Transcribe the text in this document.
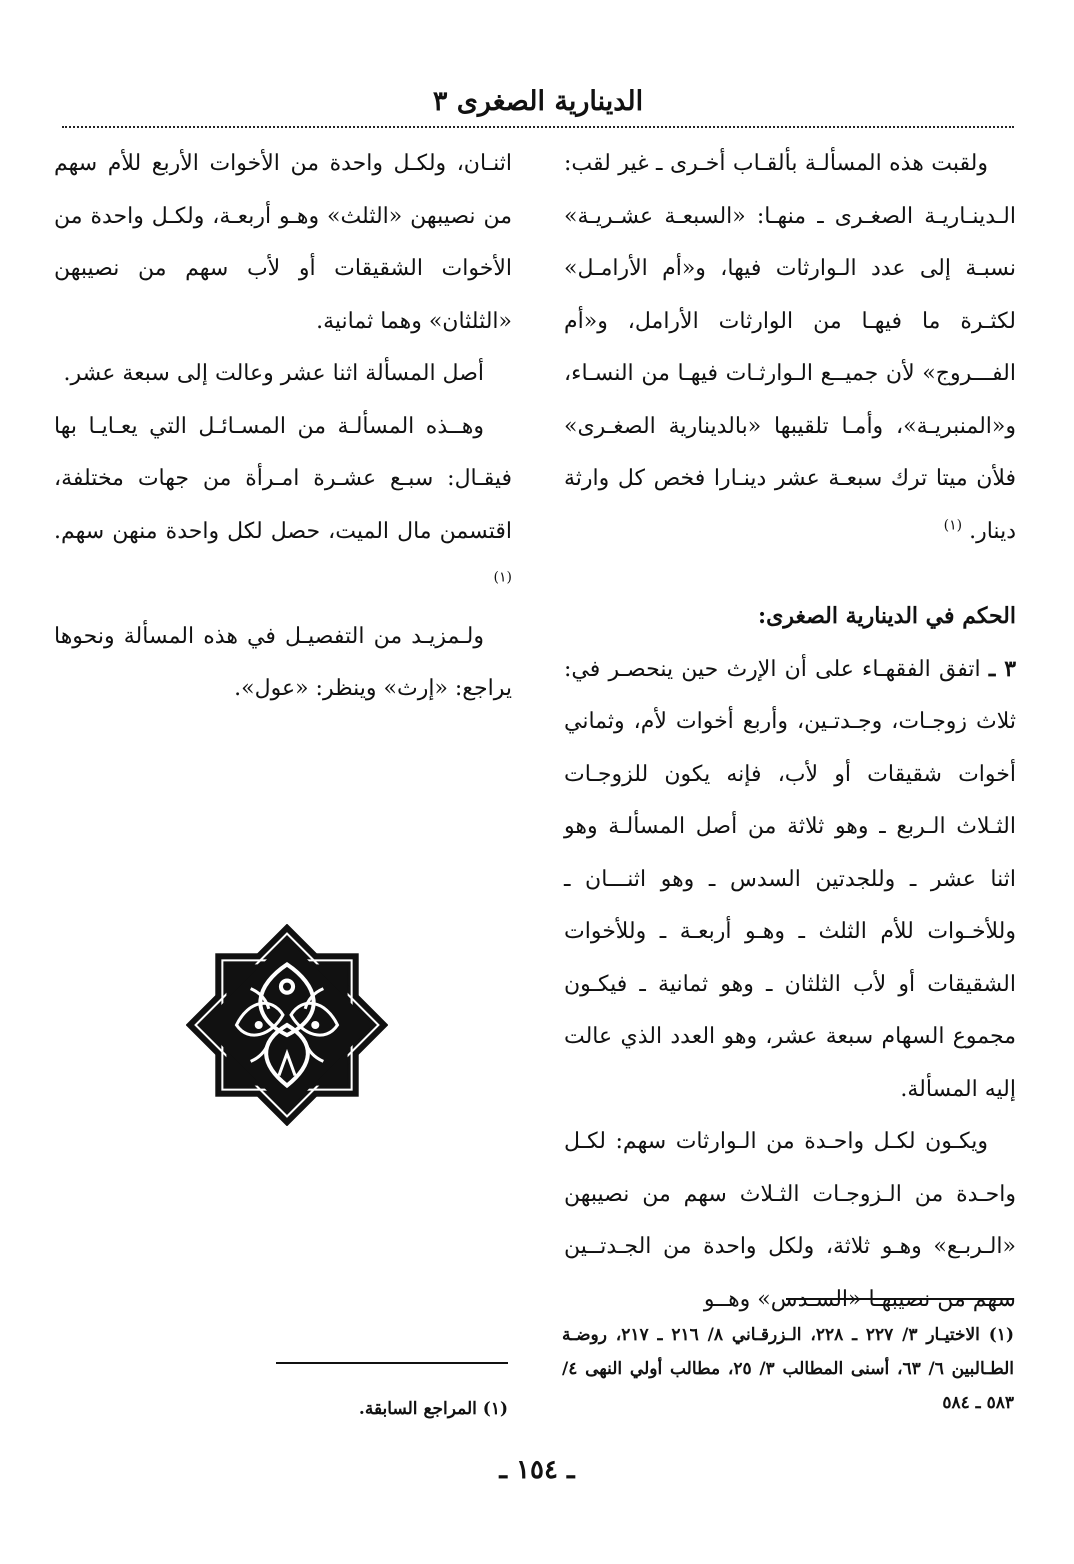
الدينارية الصغرى ٣

ولقبت هذه المسألـة بألقـاب أخـرى ـ غير لقب: الـدينـاريـة الصغـرى ـ منهـا: «السبعـة عشـريـة» نسبـة إلى عدد الـوارثات فيها، و«أم الأرامـل» لكثـرة ما فيهـا من الوارثات الأرامل، و«أم الفـــروج» لأن جميــع الـوارثـات فيهـا من النسـاء، و«المنبريـة»، وأمـا تلقيبها «بالدينارية الصغـرى» فلأن ميتا ترك سبعـة عشر دينـارا فخص كل وارثة دينار. $^{(١)}$

الحكم في الدينارية الصغرى:

٣ ـ اتفق الفقهـاء على أن الإرث حين ينحصـر في: ثلاث زوجـات، وجـدتـين، وأربع أخوات لأم، وثماني أخوات شقيقات أو لأب، فإنه يكون للزوجـات الثـلاث الـربع ـ وهو ثلاثة من أصل المسألـة وهو اثنا عشر ـ وللجدتين السدس ـ وهو اثنـــان ـ وللأخـوات للأم الثلث ـ وهـو أربعـة ـ وللأخوات الشقيقات أو لأب الثلثان ـ وهو ثمانية ـ فيكـون مجموع السهام سبعة عشر، وهو العدد الذي عالت إليه المسألة.

ويكـون لكـل واحـدة من الـوارثات سهم: لكـل واحـدة من الـزوجـات الثـلاث سهم من نصيبهن «الـربـع» وهـو ثلاثة، ولكل واحدة من الجـدتــين سهم من نصيبهـا «السـدس» وهــو

اثنـان، ولكـل واحدة من الأخوات الأربع للأم سهم من نصيبهن «الثلث» وهـو أربعـة، ولكـل واحدة من الأخوات الشقيقات أو لأب سهم من نصيبهن «الثلثان» وهما ثمانية.

أصل المسألة اثنا عشر وعالت إلى سبعة عشر.

وهــذه المسألـة من المسـائـل التي يعـايـا بها فيقـال: سبـع عشـرة امـرأة من جهات مختلفة، اقتسمن مال الميت، حصل لكل واحدة منهن سهم. $^{(١)}$

ولـمزيـد من التفصيـل في هذه المسألة ونحوها يراجع: «إرث» وينظر: «عول».

(١) الاختيـار ٣/ ٢٢٧ ـ ٢٢٨، الـزرقـاني ٨/ ٢١٦ ـ ٢١٧، روضـة الطـالبين ٦/ ٦٣، أسنى المطالب ٣/ ٢٥، مطالب أولي النهى ٤/ ٥٨٣ ـ ٥٨٤
(١) المراجع السابقة.
ـ ١٥٤ ـ
